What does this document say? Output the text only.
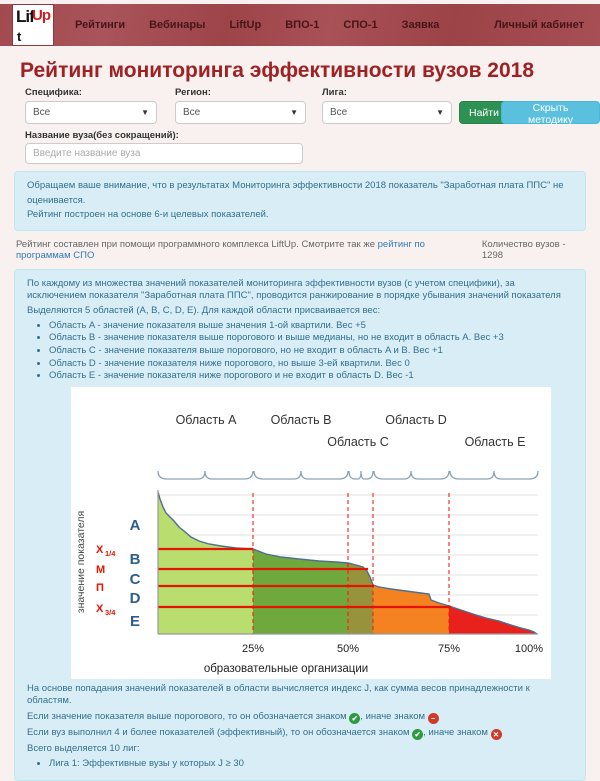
Lif
Up
t
Рейтинги Вебинары LiftUp ВПО-1 СПО-1 Заявка	Личный кабинет
Рейтинг мониторинга эффективности вузов 2018
Специфика:
Все	▼
Регион:
Все	▼
Лига:
Все	▼	Найти	Скрыть методику
Название вуза(без сокращений):
Введите название вуза
Обращаем ваше внимание, что в результатах Мониторинга эффективности 2018 показатель "Заработная плата ППС" не оценивается.
Рейтинг построен на основе 6-и целевых показателей.
Рейтинг составлен при помощи программного комплекса LiftUp. Смотрите так же рейтинг по программам СПО
Количество вузов - 1298

По каждому из множества значений показателей мониторинга эффективности вузов (с учетом специфики), за исключением показателя "Заработная плата ППС", проводится ранжирование в порядке убывания значений показателя

Выделяются 5 областей (A, B, C, D, E). Для каждой области присваивается вес:

• Область A - значение показателя выше значения 1-ой квартили. Вес +5
• Область B - значение показателя выше порогового и выше медианы, но не входит в область A. Вес +3
• Область C - значение показателя выше порогового, но не входит в область A и B. Вес +1
• Область D - значение показателя ниже порогового, но выше 3-ей квартили. Вес 0
• Область E - значение показателя ниже порогового и не входит в область D. Вес -1
Область A	Область B
Область C
Область D
Область E
A
B
C
D
E
X 1/4
М
П
X 3/4
значение показателя
25%	50%	75%	100%
образовательные организации

На основе попадания значений показателей в области вычисляется индекс J, как сумма весов принадлежности к областям.

Если значение показателя выше порогового, то он обозначается знаком ✔ , иначе знаком −

Если вуз выполнил 4 и более показателей (эффективный), то он обозначается знаком ✔ , иначе знаком ✕

Всего выделяется 10 лиг:

• Лига 1: Эффективные вузы у которых J ≥ 30
